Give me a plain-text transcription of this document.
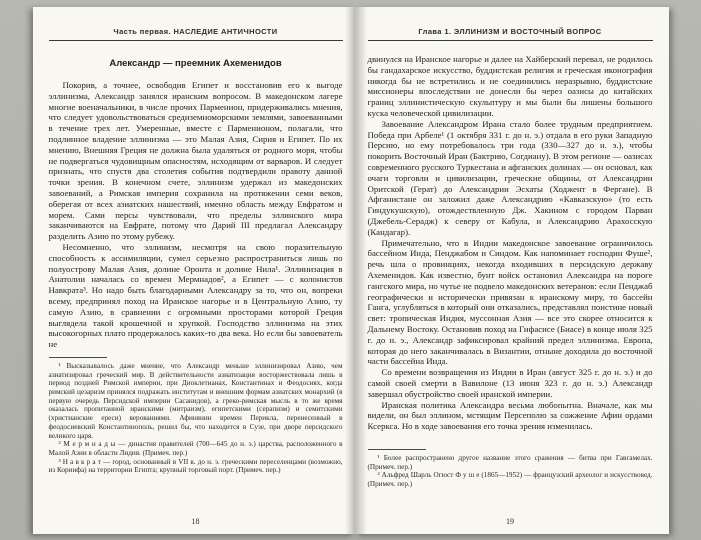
Часть первая. НАСЛЕДИЕ АНТИЧНОСТИ
Александр — преемник Ахеменидов

Покорив, а точнее, освободив Египет и восстановив его к выгоде эллинизма, Александр занялся иранским вопросом. В македонском лагере многие военачальники, в числе прочих Парменион, придерживались мнения, что следует удовольствоваться средиземноморскими землями, завоеванными в течение трех лет. Умеренные, вместе с Парменионом, полагали, что подлинное владение эллинизма — это Малая Азия, Сирия и Египет. По их мнению, Внешняя Греция не должна была удаляться от родного моря, чтобы не подвергаться чудовищным опасностям, исходящим от варваров. И следует признать, что спустя два столетия события подтвердили правоту данной точки зрения. В конечном счете, эллинизм удержал из македонских завоеваний, а Римская империя сохранила на протяжении семи веков, оберегая от всех азиатских нашествий, именно область между Евфратом и морем. Сами персы чувствовали, что пределы эллинского мира заканчиваются на Евфрате, потому что Дарий III предлагал Александру разделить Азию по этому рубежу.

Несомненно, что эллинизм, несмотря на свою поразительную способность к ассимиляции, сумел серьезно распространиться лишь по полуострову Малая Азия, долине Оронта и долине Нила¹. Эллинизация в Анатолии началась со времен Мермнадов², а Египет — с колонистов Навкрата³. Но надо быть благодарными Александру за то, что он, вопреки всему, предпринял поход на Иранское нагорье и в Центральную Азию, ту самую Азию, в сравнении с огромными просторами которой Греция выглядела такой крошечной и хрупкой. Господство эллинизма на этих высокогорных плато продержалось каких-то два века. Но если бы завоеватель не

¹ Высказывалось даже мнение, что Александр меньше эллинизировал Азию, чем азиатизировал греческий мир. В действительности азиатизация восторжествовала лишь в период поздней Римской империи, при Диоклетианах, Константинах и Феодосиях, когда римский цезаризм принялся подражать институтам и внешним формам азиатских монархий (в первую очередь Персидской империи Сасанидов), а греко-римская мысль в то же время оказалась пропитанной иранскими (митраизм), египетскими (серапизм) и семитскими (христианские ереси) верованиями. Афинянин времен Перикла, перенесенный в феодосиевский Константинополь, решил бы, что находится в Сузе, при дворе персидского великого царя.

² М е р м н а д ы — династия правителей (700—645 до н. э.) царства, расположенного в Малой Азии в области Лидия. (Примеч. пер.)

³ Н а в к р а т — город, основанный в VII в. до н. э. греческими переселенцами (возможно, из Коринфа) на территории Египта; крупный торговый порт. (Примеч. пер.)

18
Глава 1. ЭЛЛИНИЗМ И ВОСТОЧНЫЙ ВОПРОС

двинулся на Иранское нагорье и далее на Хайберский перевал, не родилось бы гандахарское искусство, буддистская религия и греческая иконография никогда бы не встретились и не соединились неразрывно, буддистские миссионеры впоследствии не донесли бы через оазисы до китайских границ эллинистическую скульптуру и мы были бы лишены большого куска человеческой цивилизации.

Завоевание Александром Ирана стало более трудным предприятием. Победа при Арбеле¹ (1 октября 331 г. до н. э.) отдала в его руки Западную Персию, но ему потребовалось три года (330—327 до н. э.), чтобы покорить Восточный Иран (Бактрию, Согдиану). В этом регионе — оазисах современного русского Туркестана и афганских долинах — он основал, как очаги торговли и цивилизации, греческие общины, от Александрии Оритской (Герат) до Александрии Эсхаты (Ходжент в Фергане). В Афганистане он заложил даже Александрию «Кавказскую» (то есть Гиндукушскую), отождествленную Дж. Хакином с городом Парван (Джебель-Серадж) к северу от Кабула, и Александрию Арахосскую (Кандагар).

Примечательно, что в Индии македонское завоевание ограничилось бассейном Инда, Пенджабом и Синдом. Как напоминает господин Фуше², речь шла о провинциях, некогда входивших в персидскую державу Ахеменидов. Как известно, бунт войск остановил Александра на пороге гангского мира, но чутье не подвело македонских ветеранов: если Пенджаб географически и исторически привязан к иранскому миру, то бассейн Ганга, углубляться в который они отказались, представлял поистине новый свет: тропическая Индия, муссонная Азия — все это скорее относится к Дальнему Востоку. Остановив поход на Гифасисе (Биасе) в конце июля 325 г. до н. э., Александр зафиксировал крайний предел эллинизма. Европа, которая до него заканчивалась в Византии, отныне доходила до восточной части бассейна Инда.

Со времени возвращения из Индии в Иран (август 325 г. до н. э.) и до самой своей смерти в Вавилоне (13 июня 323 г. до н. э.) Александр завершал обустройство своей иранской империи.

Иранская политика Александра весьма любопытна. Вначале, как мы видели, он был эллином, мстящим Персеполю за сожжение Афин ордами Ксеркса. Но в ходе завоевания его точка зрения изменилась.

¹ Более распространено другое название этого сражения — битва при Гавгамелах. (Примеч. пер.)

² Альфред Шарль Огюст Ф у ш е (1865—1952) — французский археолог и искусствовед. (Примеч. пер.)

19
